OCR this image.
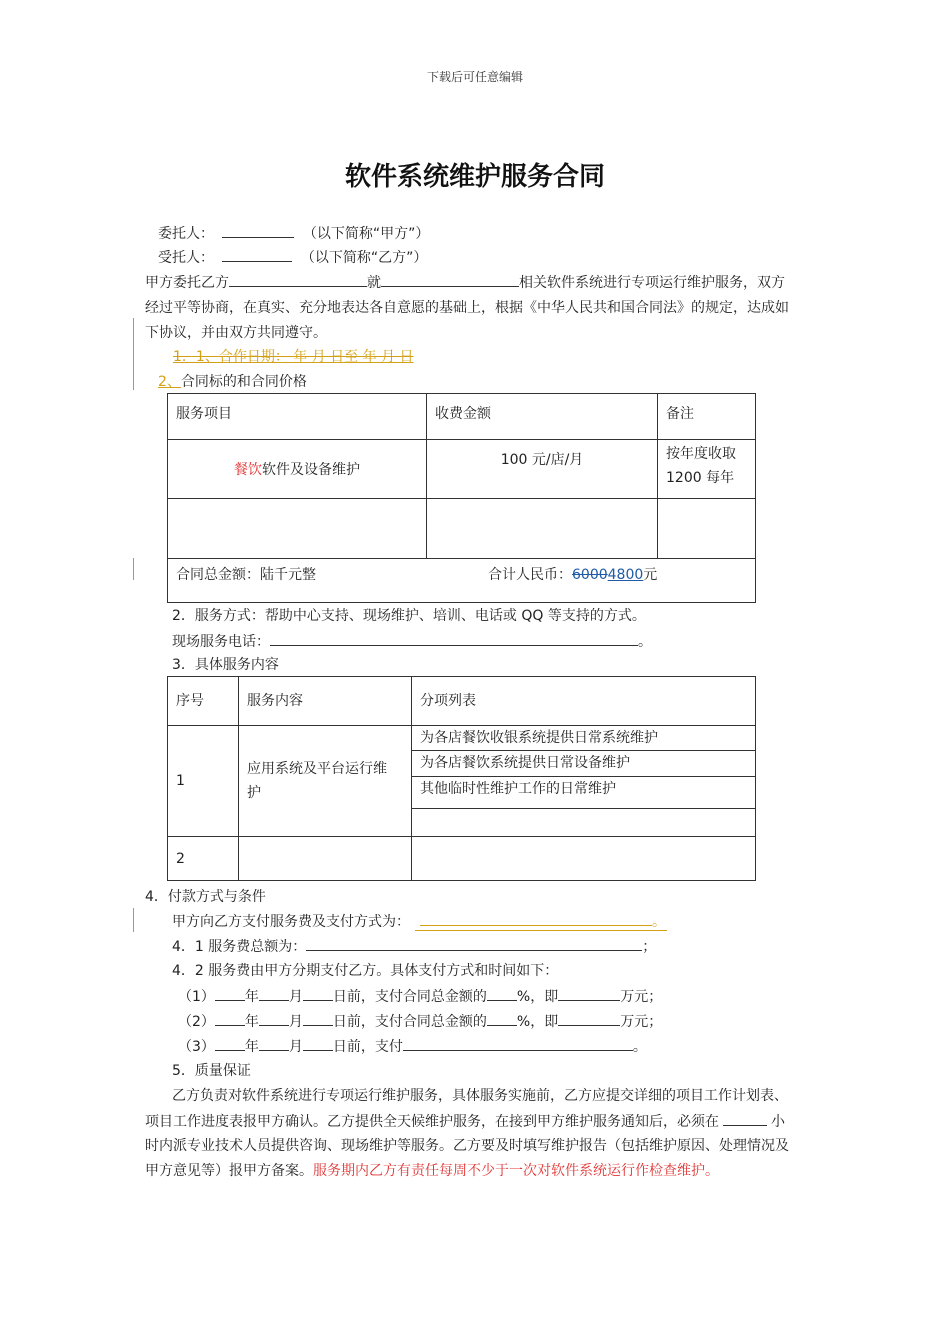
下载后可任意编辑
软件系统维护服务合同
委托人：	（以下简称“甲方”）
受托人：	（以下简称“乙方”）
甲方委托乙方	就	相关软件系统进行专项运行维护服务，双方
经过平等协商，在真实、充分地表达各自意愿的基础上，根据《中华人民共和国合同法》的规定，达成如
下协议，并由双方共同遵守。
1．1、合作日期： 年 月 日至 年 月 日
2、合同标的和合同价格
服务项目	收费金额	备注

餐饮软件及设备维护	100 元/店/月	按年度收取
1200 每年

合同总金额：陆千元整 合计人民币：60004800元		
2．服务方式：帮助中心支持、现场维护、培训、电话或 QQ 等支持的方式。
现场服务电话：	。
3．具体服务内容
序号	服务内容	分项列表

1	应用系统及平台运行维
护	为各店餐饮收银系统提供日常系统维护

		为各店餐饮系统提供日常设备维护

		其他临时性维护工作的日常维护

2		

4．付款方式与条件
甲方向乙方支付服务费及支付方式为：	。
4．1 服务费总额为：	；
4．2 服务费由甲方分期支付乙方。具体支付方式和时间如下：
（1） 年 月 日前，支付合同总金额的 %，即	万元；
（2） 年 月 日前，支付合同总金额的 %，即	万元；
（3） 年 月 日前，支付	。
5．质量保证
乙方负责对软件系统进行专项运行维护服务，具体服务实施前，乙方应提交详细的项目工作计划表、
项目工作进度表报甲方确认。乙方提供全天候维护服务，在接到甲方维护服务通知后，必须在	小
时内派专业技术人员提供咨询、现场维护等服务。乙方要及时填写维护报告（包括维护原因、处理情况及
甲方意见等）报甲方备案。服务期内乙方有责任每周不少于一次对软件系统运行作检查维护。
